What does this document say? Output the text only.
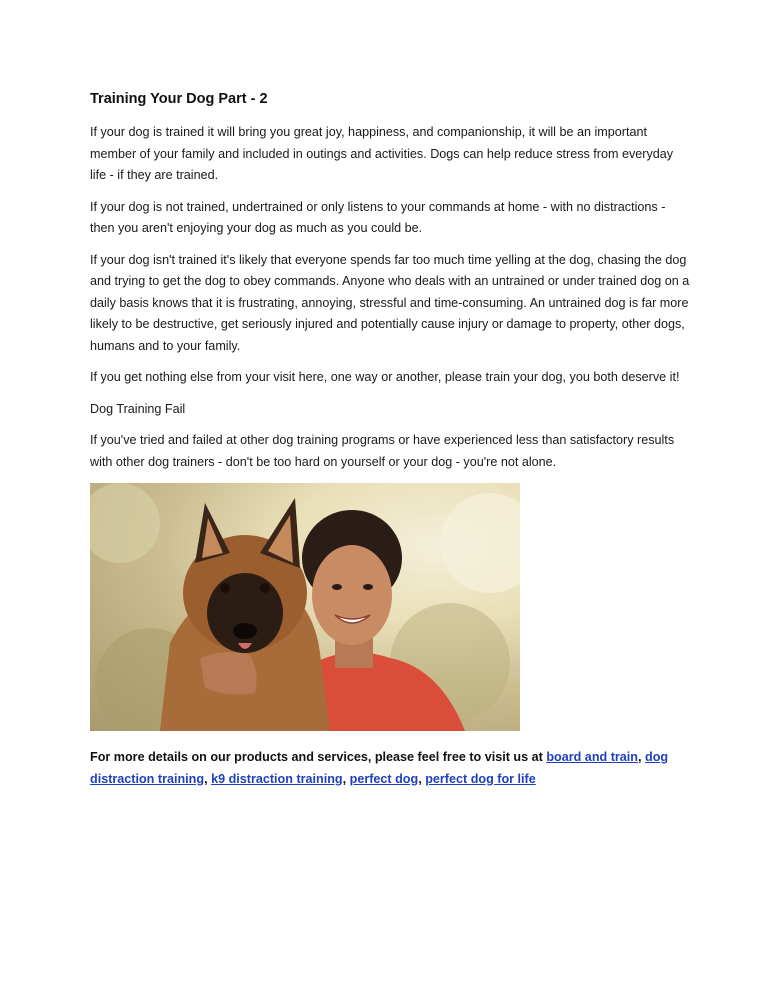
Training Your Dog Part - 2

If your dog is trained it will bring you great joy, happiness, and companionship, it will be an important member of your family and included in outings and activities. Dogs can help reduce stress from everyday life - if they are trained.

If your dog is not trained, undertrained or only listens to your commands at home - with no distractions - then you aren't enjoying your dog as much as you could be.

If your dog isn't trained it's likely that everyone spends far too much time yelling at the dog, chasing the dog and trying to get the dog to obey commands. Anyone who deals with an untrained or under trained dog on a daily basis knows that it is frustrating, annoying, stressful and time-consuming. An untrained dog is far more likely to be destructive, get seriously injured and potentially cause injury or damage to property, other dogs, humans and to your family.

If you get nothing else from your visit here, one way or another, please train your dog, you both deserve it!

Dog Training Fail

If you've tried and failed at other dog training programs or have experienced less than satisfactory results with other dog trainers - don't be too hard on yourself or your dog - you're not alone.

For more details on our products and services, please feel free to visit us at board and train, dog distraction training, k9 distraction training, perfect dog, perfect dog for life
